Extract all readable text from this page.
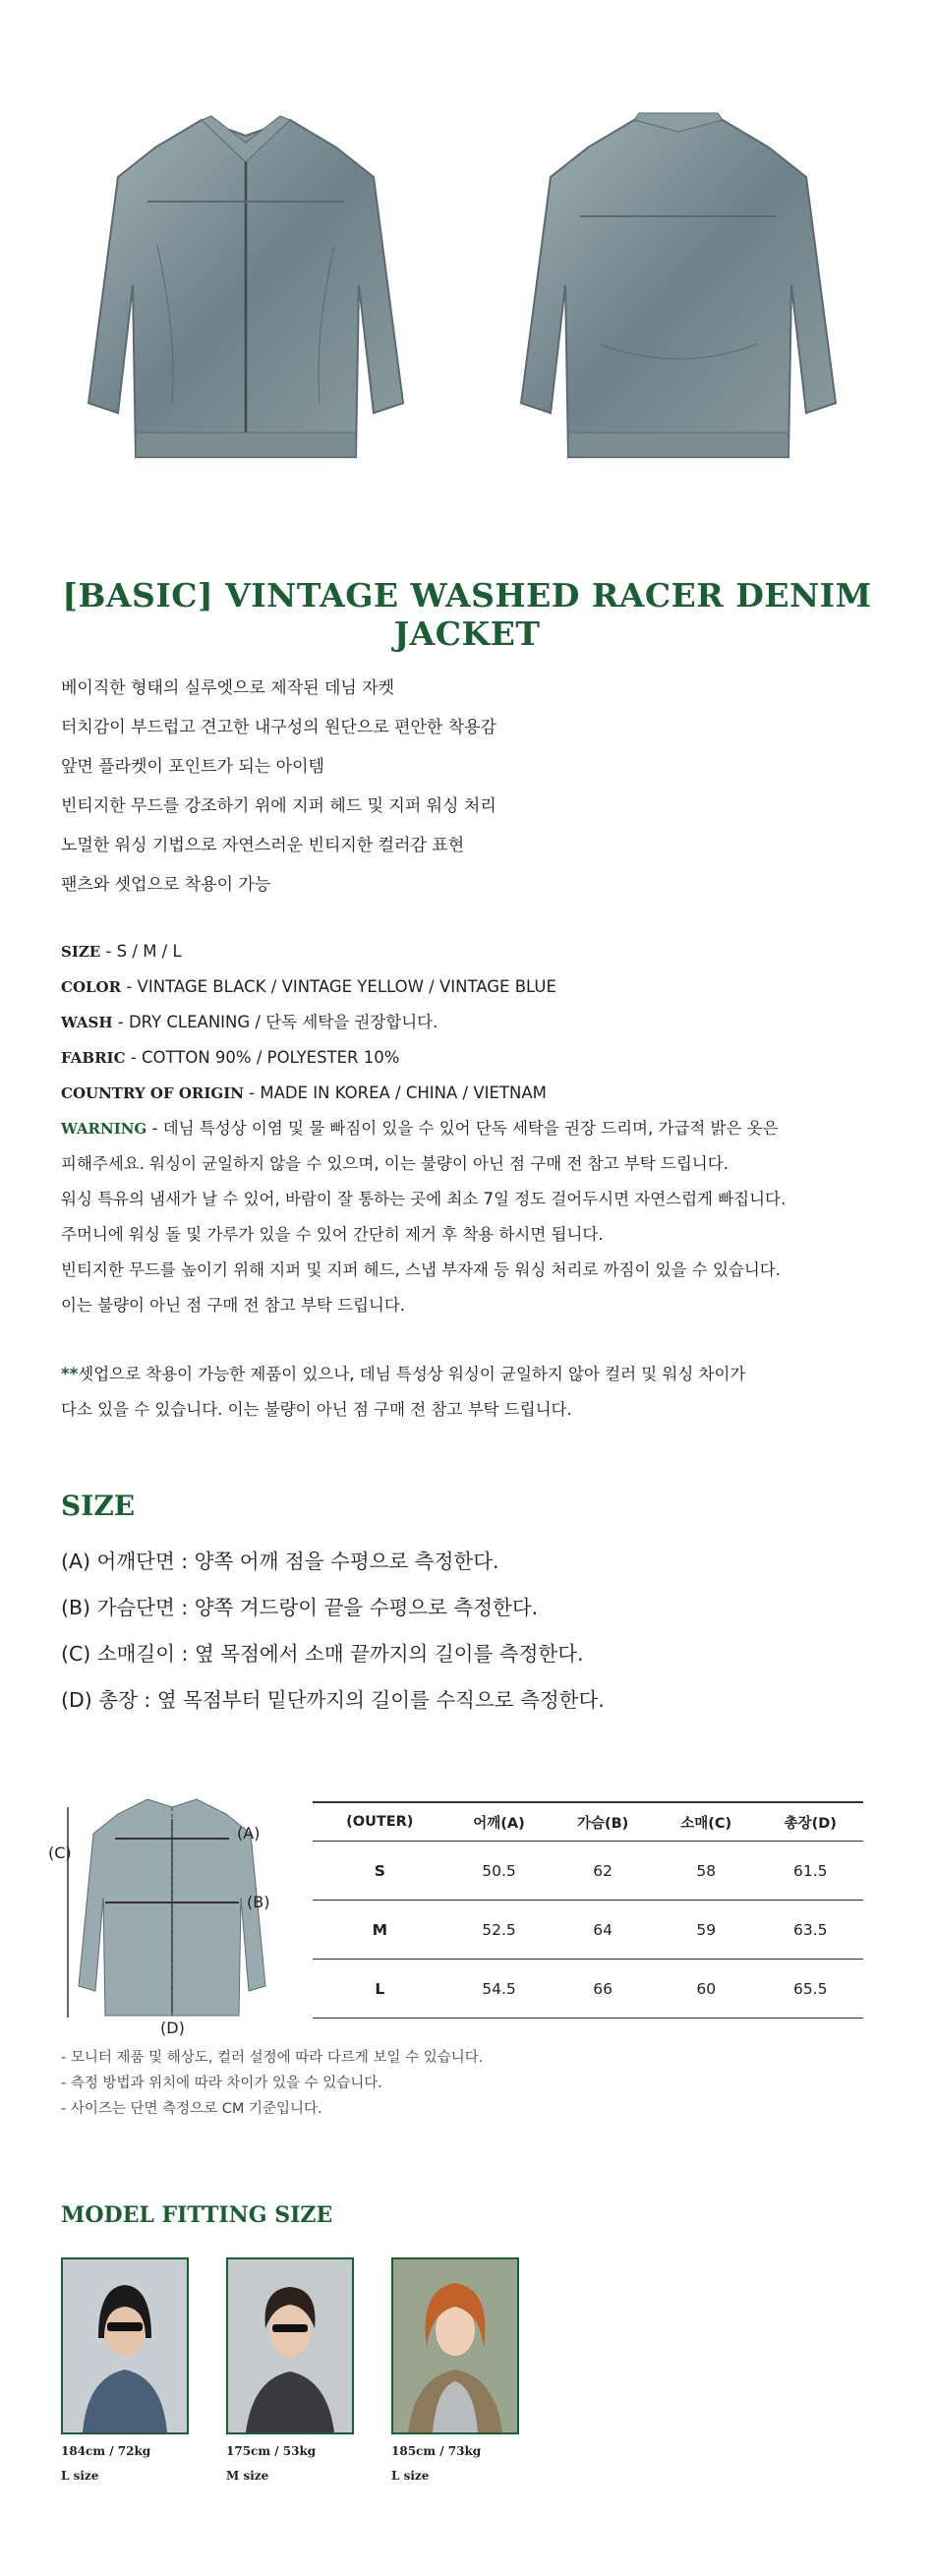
[BASIC] VINTAGE WASHED RACER DENIM JACKET
베이직한 형태의 실루엣으로 제작된 데님 자켓
터치감이 부드럽고 견고한 내구성의 원단으로 편안한 착용감
앞면 플라켓이 포인트가 되는 아이템
빈티지한 무드를 강조하기 위에 지퍼 헤드 및 지퍼 워싱 처리
노멀한 워싱 기법으로 자연스러운 빈티지한 컬러감 표현
팬츠와 셋업으로 착용이 가능
SIZE - S / M / L
COLOR - VINTAGE BLACK / VINTAGE YELLOW / VINTAGE BLUE
WASH - DRY CLEANING / 단독 세탁을 권장합니다.
FABRIC - COTTON 90% / POLYESTER 10%
COUNTRY OF ORIGIN - MADE IN KOREA / CHINA / VIETNAM
WARNING - 데님 특성상 이염 및 물 빠짐이 있을 수 있어 단독 세탁을 권장 드리며, 가급적 밝은 옷은
피해주세요. 워싱이 균일하지 않을 수 있으며, 이는 불량이 아닌 점 구매 전 참고 부탁 드립니다.
워싱 특유의 냄새가 날 수 있어, 바람이 잘 통하는 곳에 최소 7일 정도 걸어두시면 자연스럽게 빠집니다.
주머니에 워싱 돌 및 가루가 있을 수 있어 간단히 제거 후 착용 하시면 됩니다.
빈티지한 무드를 높이기 위해 지퍼 및 지퍼 헤드, 스냅 부자재 등 워싱 처리로 까짐이 있을 수 있습니다.
이는 불량이 아닌 점 구매 전 참고 부탁 드립니다.
**셋업으로 착용이 가능한 제품이 있으나, 데님 특성상 워싱이 균일하지 않아 컬러 및 워싱 차이가
다소 있을 수 있습니다. 이는 불량이 아닌 점 구매 전 참고 부탁 드립니다.
SIZE
(A) 어깨단면 : 양쪽 어깨 점을 수평으로 측정한다.
(B) 가슴단면 : 양쪽 겨드랑이 끝을 수평으로 측정한다.
(C) 소매길이 : 옆 목점에서 소매 끝까지의 길이를 측정한다.
(D) 총장 : 옆 목점부터 밑단까지의 길이를 수직으로 측정한다.
(A)
(B)
(C)
(D)
(OUTER)	어깨(A)	가슴(B)	소매(C)	총장(D)
S	50.5	62	58	61.5
M	52.5	64	59	63.5
L	54.5	66	60	65.5
- 모니터 제품 및 해상도, 컬러 설정에 따라 다르게 보일 수 있습니다.
- 측정 방법과 위치에 따라 차이가 있을 수 있습니다.
- 사이즈는 단면 측정으로 CM 기준입니다.
MODEL FITTING SIZE
184cm / 72kg
L size
175cm / 53kg
M size
185cm / 73kg
L size
